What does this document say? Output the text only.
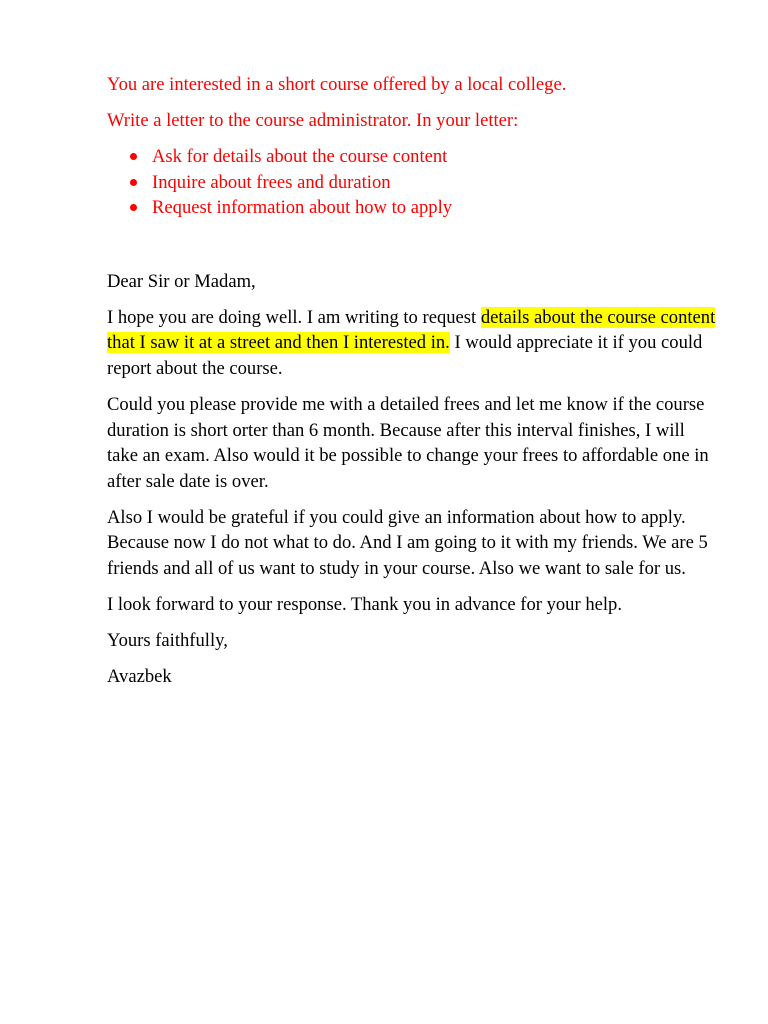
You are interested in a short course offered by a local college.

Write a letter to the course administrator. In your letter:

Ask for details about the course content
Inquire about frees and duration
Request information about how to apply

Dear Sir or Madam,

I hope you are doing well. I am writing to request details about the course content that I saw it at a street and then I interested in. I would appreciate it if you could report about the course.

Could you please provide me with a detailed frees and let me know if the course duration is short orter than 6 month. Because after this interval finishes, I will take an exam. Also would it be possible to change your frees to affordable one in after sale date is over.

Also I would be grateful if you could give an information about how to apply. Because now I do not what to do. And I am going to it with my friends. We are 5 friends and all of us want to study in your course. Also we want to sale for us.

I look forward to your response. Thank you in advance for your help.

Yours faithfully,

Avazbek
